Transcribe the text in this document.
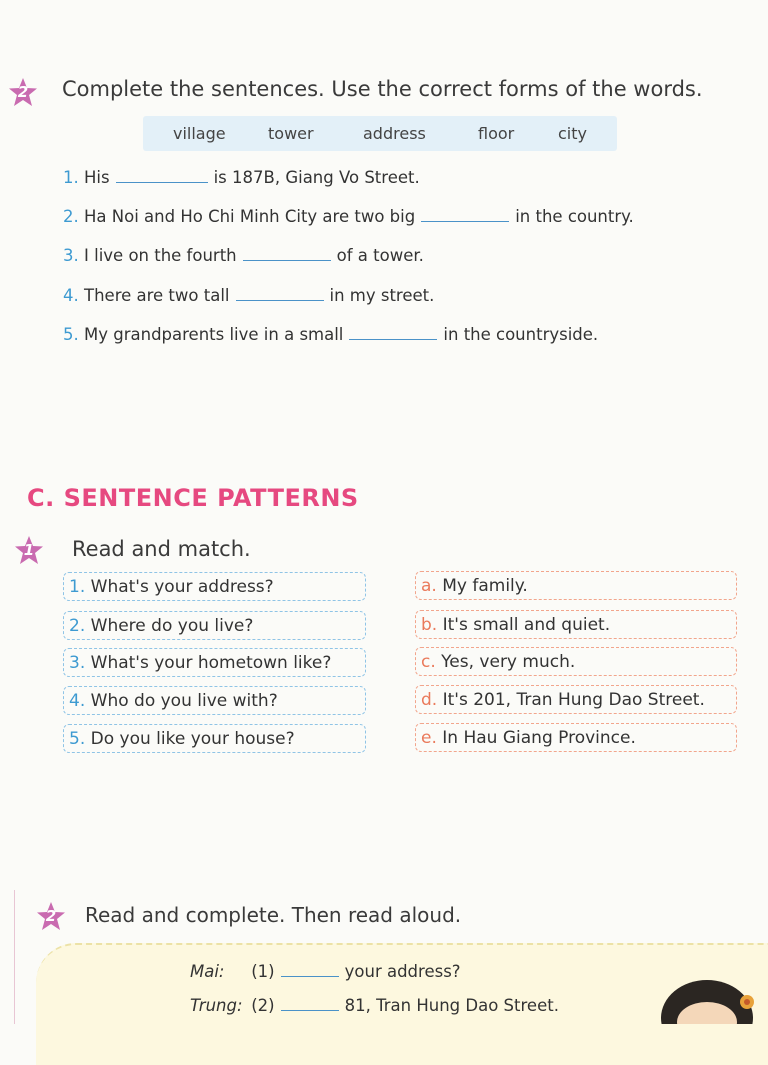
2	Complete the sentences. Use the correct forms of the words.
village	tower	address	floor	city
1. His	is 187B, Giang Vo Street.
2. Ha Noi and Ho Chi Minh City are two big	in the country.
3. I live on the fourth	of a tower.
4. There are two tall	in my street.
5. My grandparents live in a small	in the countryside.
C. SENTENCE PATTERNS
1	Read and match.
1. What's your address?
2. Where do you live?
3. What's your hometown like?
4. Who do you live with?
5. Do you like your house?
a. My family.
b. It's small and quiet.
c. Yes, very much.
d. It's 201, Tran Hung Dao Street.
e. In Hau Giang Province.
2	Read and complete. Then read aloud.
Mai: (1)	your address?
Trung: (2)	81, Tran Hung Dao Street.
